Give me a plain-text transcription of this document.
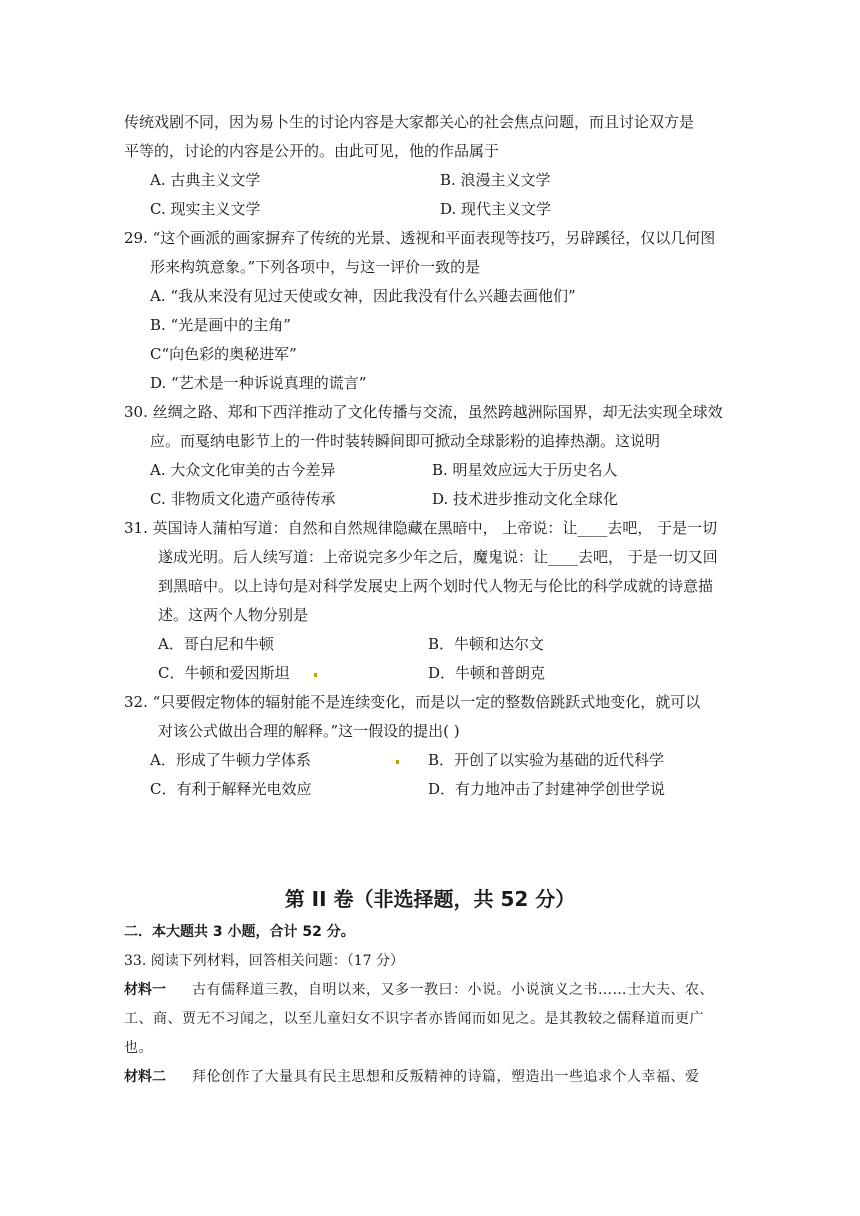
传统戏剧不同，因为易卜生的讨论内容是大家都关心的社会焦点问题，而且讨论双方是
平等的，讨论的内容是公开的。由此可见，他的作品属于
A. 古典主义文学	B. 浪漫主义文学
C. 现实主义文学	D. 现代主义文学
29. “这个画派的画家摒弃了传统的光景、透视和平面表现等技巧，另辟蹊径，仅以几何图
形来构筑意象。”下列各项中，与这一评价一致的是
A. “我从来没有见过天使或女神，因此我没有什么兴趣去画他们”
B. “光是画中的主角”
C“向色彩的奥秘进军”
D. “艺术是一种诉说真理的谎言”
30. 丝绸之路、郑和下西洋推动了文化传播与交流，虽然跨越洲际国界，却无法实现全球效
应。而戛纳电影节上的一件时装转瞬间即可掀动全球影粉的追捧热潮。这说明
A. 大众文化审美的古今差异	B. 明星效应远大于历史名人
C. 非物质文化遗产亟待传承	D. 技术进步推动文化全球化
31. 英国诗人蒲柏写道：自然和自然规律隐藏在黑暗中， 上帝说：让____去吧， 于是一切
遂成光明。后人续写道：上帝说完多少年之后，魔鬼说：让____去吧， 于是一切又回
到黑暗中。以上诗句是对科学发展史上两个划时代人物无与伦比的科学成就的诗意描
述。这两个人物分别是
A．哥白尼和牛顿	B．牛顿和达尔文
C．牛顿和爱因斯坦	D．牛顿和普朗克
32. “只要假定物体的辐射能不是连续变化，而是以一定的整数倍跳跃式地变化，就可以
对该公式做出合理的解释。”这一假设的提出( )
A．形成了牛顿力学体系	B．开创了以实验为基础的近代科学
C．有利于解释光电效应	D．有力地冲击了封建神学创世学说
第 II 卷（非选择题，共 52 分）
二．本大题共 3 小题，合计 52 分。
33. 阅读下列材料，回答相关问题：（17 分）
材料一 古有儒释道三教，自明以来，又多一教曰：小说。小说演义之书……士大夫、农、
工、商、贾无不习闻之，以至儿童妇女不识字者亦皆闻而如见之。是其教较之儒释道而更广
也。
材料二 拜伦创作了大量具有民主思想和反叛精神的诗篇，塑造出一些追求个人幸福、爱
